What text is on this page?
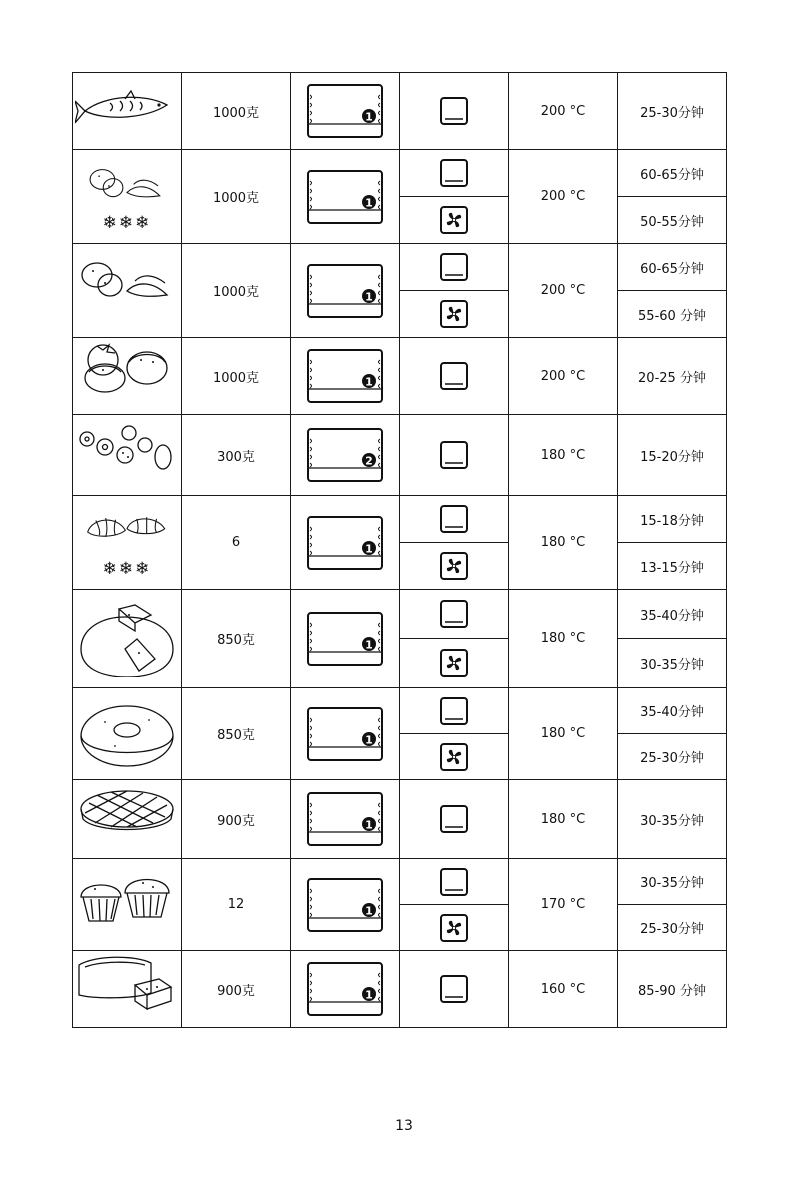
	1000克	1		200 °C	25-30分钟

❄❄❄	1000克	1		200 °C	60-65分钟

	50-55分钟

	1000克	1		200 °C	60-65分钟

	55-60 分钟

	1000克	1		200 °C	20-25 分钟

	300克	2		180 °C	15-20分钟

❄❄❄	6	1		180 °C	15-18分钟

	13-15分钟

	850克	1		180 °C	35-40分钟

	30-35分钟

	850克	1		180 °C	35-40分钟

	25-30分钟

	900克	1		180 °C	30-35分钟

	12	1		170 °C	30-35分钟

	25-30分钟

	900克	1		160 °C	85-90 分钟
13
